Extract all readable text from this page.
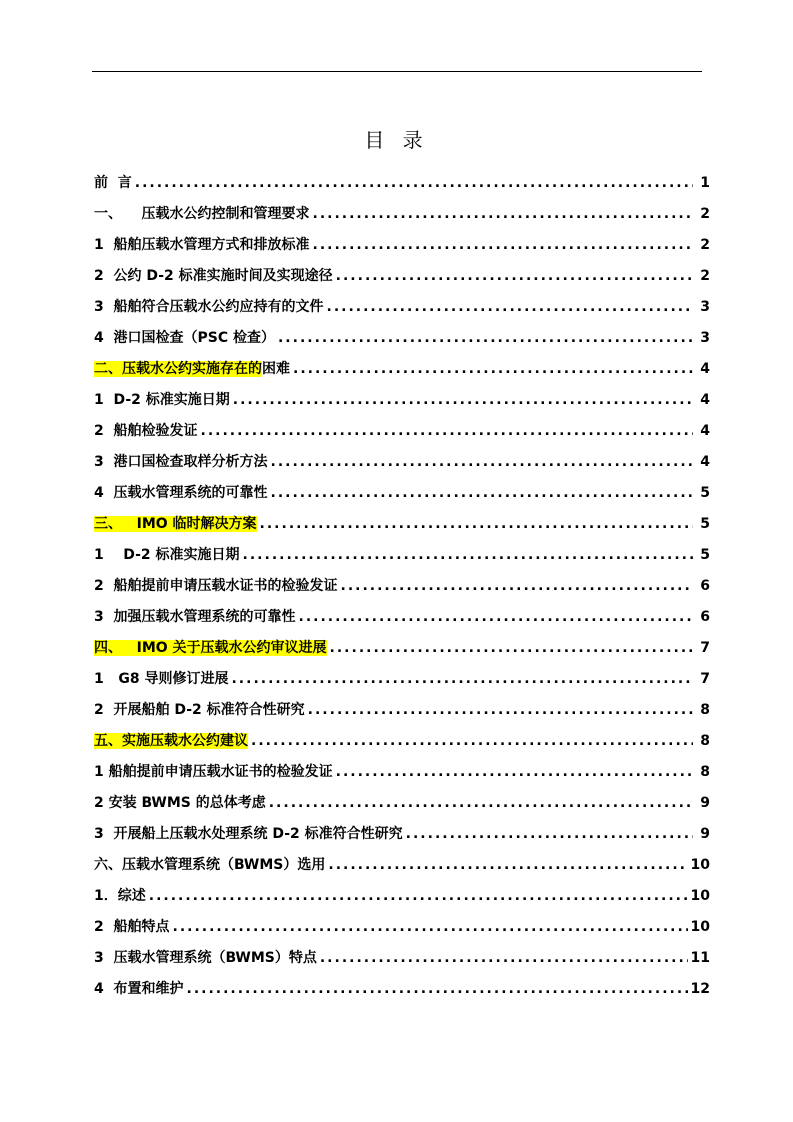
目 录
前  言 .....	1
一、    压载水公约控制和管理要求 .....	2
1  船舶压载水管理方式和排放标准 .....	2
2  公约 D-2 标准实施时间及实现途径 .....	2
3  船舶符合压载水公约应持有的文件 .....	3
4  港口国检查（PSC 检查） .....	3
二、压载水公约实施存在的困难 .....	4
1  D-2 标准实施日期 .....	4
2  船舶检验发证 .....	4
3  港口国检查取样分析方法 .....	4
4  压载水管理系统的可靠性 .....	5
三、   IMO 临时解决方案 .....	5
1    D-2 标准实施日期 .....	5
2  船舶提前申请压载水证书的检验发证 .....	6
3  加强压载水管理系统的可靠性 .....	6
四、   IMO 关于压载水公约审议进展 .....	7
1   G8 导则修订进展 .....	7
2  开展船舶 D-2 标准符合性研究 .....	8
五、实施压载水公约建议 .....	8
1 船舶提前申请压载水证书的检验发证 .....	8
2 安装 BWMS 的总体考虑 .....	9
3  开展船上压载水处理系统 D-2 标准符合性研究 .....	9
六、压载水管理系统（BWMS）选用 .....	10
1．综述 .....	10
2  船舶特点 .....	10
3  压载水管理系统（BWMS）特点 .....	11
4  布置和维护 .....	12
